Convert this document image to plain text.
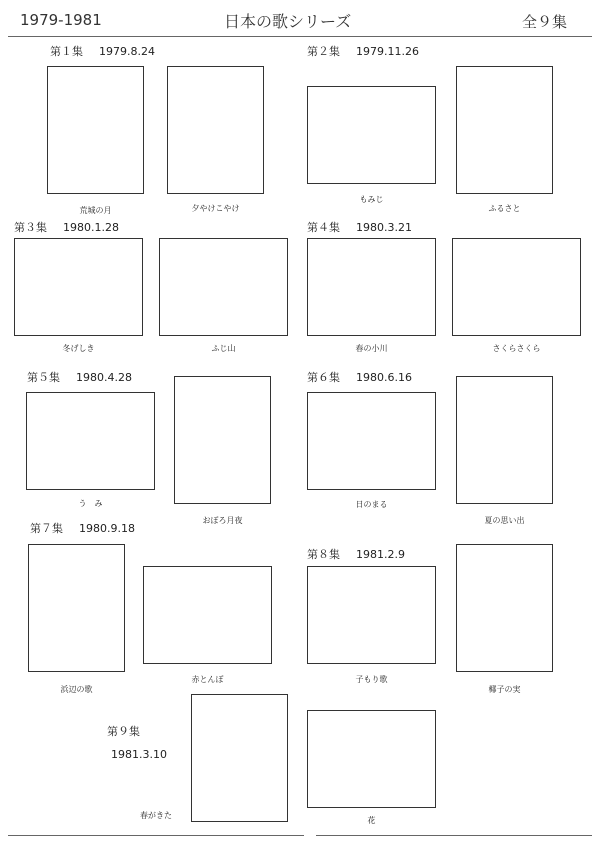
1979-1981	日本の歌シリーズ	全９集
第１集 1979.8.24
荒城の月	夕やけこやけ
第２集 1979.11.26
もみじ
ふるさと
第３集 1980.1.28
冬げしき	ふじ山
第４集 1980.3.21
春の小川	さくらさくら
第５集 1980.4.28
う　み
おぼろ月夜
第６集 1980.6.16
日のまる
夏の思い出
第７集 1980.9.18
浜辺の歌
赤とんぼ
第８集 1981.2.9
子もり歌
椰子の実
第９集
1981.3.10
春がきた
花
